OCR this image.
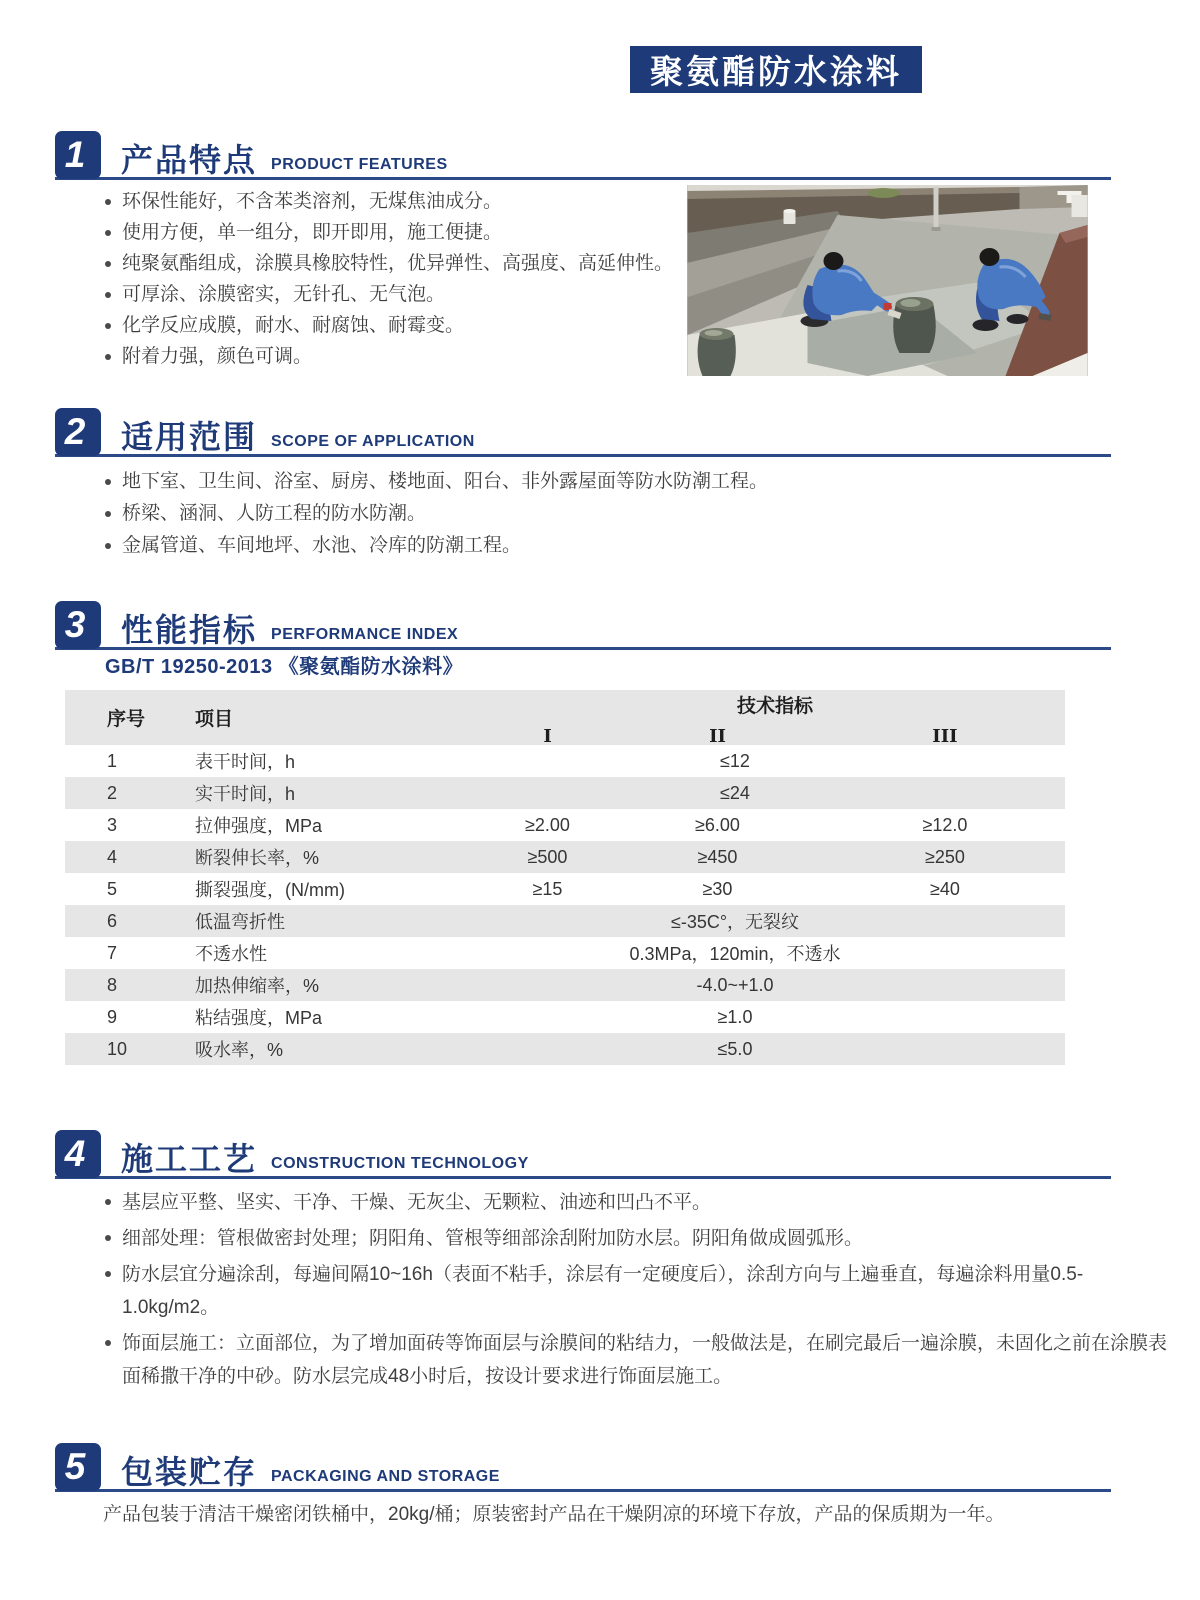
聚氨酯防水涂料
1	产品特点 PRODUCT FEATURES
环保性能好，不含苯类溶剂，无煤焦油成分。
使用方便，单一组分，即开即用，施工便捷。
纯聚氨酯组成，涂膜具橡胶特性，优异弹性、高强度、高延伸性。
可厚涂、涂膜密实，无针孔、无气泡。
化学反应成膜，耐水、耐腐蚀、耐霉变。
附着力强，颜色可调。
2	适用范围 SCOPE OF APPLICATION
地下室、卫生间、浴室、厨房、楼地面、阳台、非外露屋面等防水防潮工程。
桥梁、涵洞、人防工程的防水防潮。
金属管道、车间地坪、水池、冷库的防潮工程。
3	性能指标 PERFORMANCE INDEX
GB/T 19250-2013 《聚氨酯防水涂料》
序号	项目
技术指标
I	II	III
1	表干时间，h	≤12
2	实干时间，h	≤24
3	拉伸强度，MPa	≥2.00	≥6.00	≥12.0
4	断裂伸长率，%	≥500	≥450	≥250
5	撕裂强度，(N/mm)	≥15	≥30	≥40
6	低温弯折性	≤-35C°，无裂纹
7	不透水性	0.3MPa，120min，不透水
8	加热伸缩率，%	-4.0~+1.0
9	粘结强度，MPa	≥1.0
10	吸水率，%	≤5.0
4	施工工艺 CONSTRUCTION TECHNOLOGY
基层应平整、坚实、干净、干燥、无灰尘、无颗粒、油迹和凹凸不平。
细部处理：管根做密封处理；阴阳角、管根等细部涂刮附加防水层。阴阳角做成圆弧形。
防水层宜分遍涂刮，每遍间隔10~16h（表面不粘手，涂层有一定硬度后），涂刮方向与上遍垂直，每遍涂料用量0.5-1.0kg/m2。
饰面层施工：立面部位，为了增加面砖等饰面层与涂膜间的粘结力，一般做法是，在刷完最后一遍涂膜，未固化之前在涂膜表面稀撒干净的中砂。防水层完成48小时后，按设计要求进行饰面层施工。
5	包装贮存 PACKAGING AND STORAGE
产品包装于清洁干燥密闭铁桶中，20kg/桶；原装密封产品在干燥阴凉的环境下存放，产品的保质期为一年。
